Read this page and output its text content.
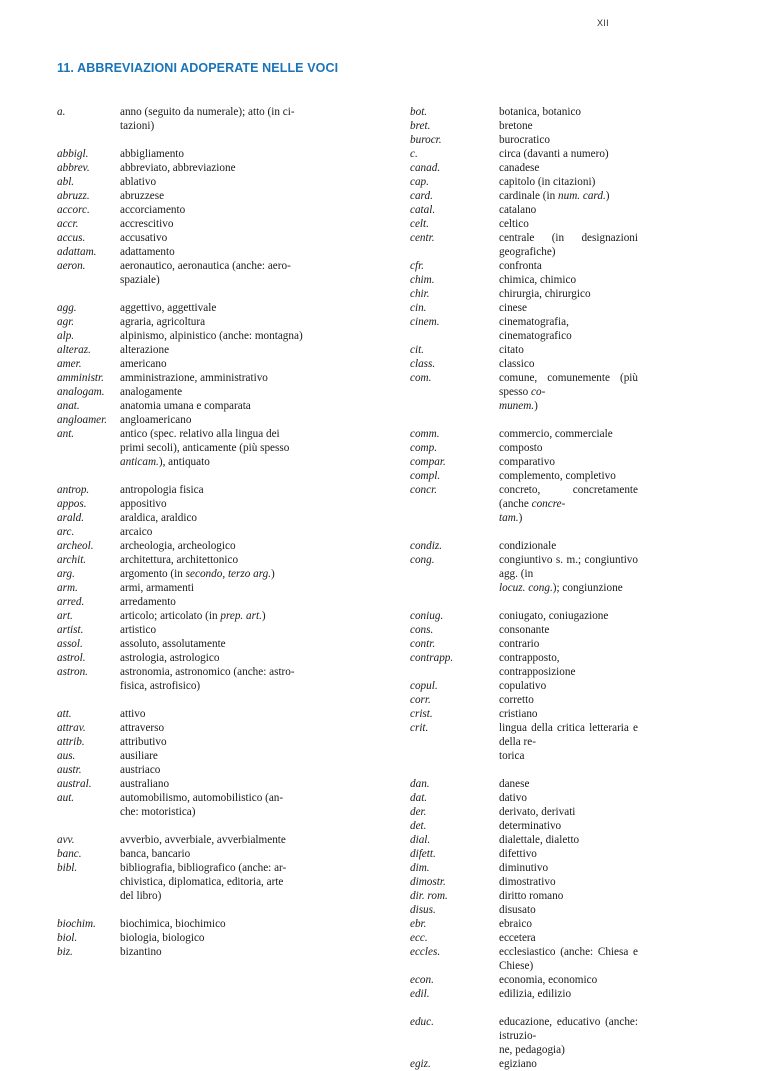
XII
11. ABBREVIAZIONI ADOPERATE NELLE VOCI
a.	anno (seguito da numerale); atto (in ci-
tazioni)
abbigl.	abbigliamento
abbrev.	abbreviato, abbreviazione
abl.	ablativo
abruzz.	abruzzese
accorc.	accorciamento
accr.	accrescitivo
accus.	accusativo
adattam.	adattamento
aeron.	aeronautico, aeronautica (anche: aero-
spaziale)
agg.	aggettivo, aggettivale
agr.	agraria, agricoltura
alp.	alpinismo, alpinistico (anche: montagna)
alteraz.	alterazione
amer.	americano
amministr.	amministrazione, amministrativo
analogam.	analogamente
anat.	anatomia umana e comparata
angloamer.	angloamericano
ant.	antico (spec. relativo alla lingua dei
primi secoli), anticamente (più spesso
anticam.), antiquato
antrop.	antropologia fisica
appos.	appositivo
arald.	araldica, araldico
arc.	arcaico
archeol.	archeologia, archeologico
archit.	architettura, architettonico
arg.	argomento (in secondo, terzo arg.)
arm.	armi, armamenti
arred.	arredamento
art.	articolo; articolato (in prep. art.)
artist.	artistico
assol.	assoluto, assolutamente
astrol.	astrologia, astrologico
astron.	astronomia, astronomico (anche: astro-
fisica, astrofisico)
att.	attivo
attrav.	attraverso
attrib.	attributivo
aus.	ausiliare
austr.	austriaco
austral.	australiano
aut.	automobilismo, automobilistico (an-
che: motoristica)
avv.	avverbio, avverbiale, avverbialmente
banc.	banca, bancario
bibl.	bibliografia, bibliografico (anche: ar-
chivistica, diplomatica, editoria, arte
del libro)
biochim.	biochimica, biochimico
biol.	biologia, biologico
biz.	bizantino
bot.	botanica, botanico
bret.	bretone
burocr.	burocratico
c.	circa (davanti a numero)
canad.	canadese
cap.	capitolo (in citazioni)
card.	cardinale (in num. card.)
catal.	catalano
celt.	celtico
centr.	centrale (in designazioni geografiche)
cfr.	confronta
chim.	chimica, chimico
chir.	chirurgia, chirurgico
cin.	cinese
cinem.	cinematografia, cinematografico
cit.	citato
class.	classico
com.	comune, comunemente (più spesso co-
munem.)
comm.	commercio, commerciale
comp.	composto
compar.	comparativo
compl.	complemento, completivo
concr.	concreto, concretamente (anche concre-
tam.)
condiz.	condizionale
cong.	congiuntivo s. m.; congiuntivo agg. (in
locuz. cong.); congiunzione
coniug.	coniugato, coniugazione
cons.	consonante
contr.	contrario
contrapp.	contrapposto, contrapposizione
copul.	copulativo
corr.	corretto
crist.	cristiano
crit.	lingua della critica letteraria e della re-
torica
dan.	danese
dat.	dativo
der.	derivato, derivati
det.	determinativo
dial.	dialettale, dialetto
difett.	difettivo
dim.	diminutivo
dimostr.	dimostrativo
dir. rom.	diritto romano
disus.	disusato
ebr.	ebraico
ecc.	eccetera
eccles.	ecclesiastico (anche: Chiesa e Chiese)
econ.	economia, economico
edil.	edilizia, edilizio
educ.	educazione, educativo (anche: istruzio-
ne, pedagogia)
egiz.	egiziano
